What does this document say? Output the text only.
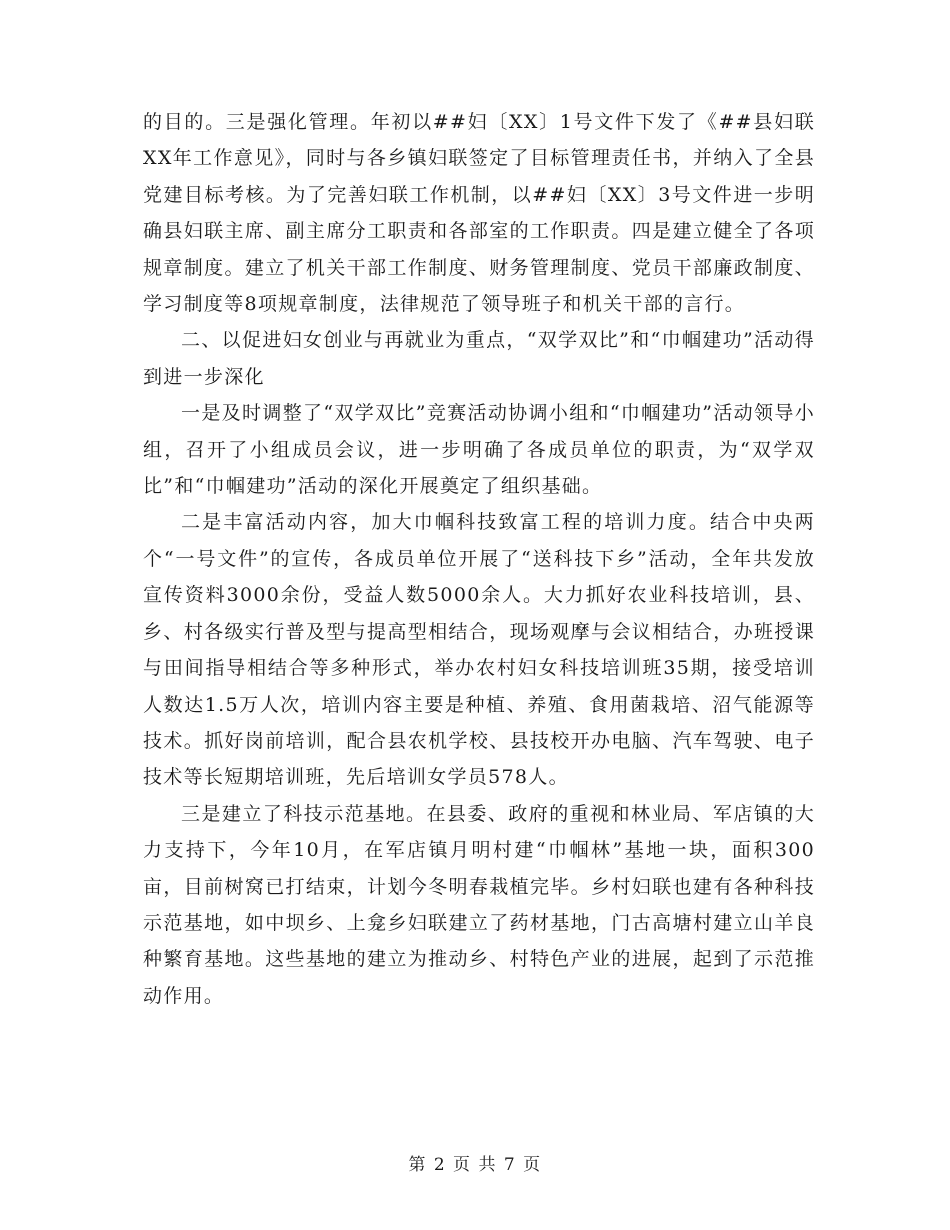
的目的。三是强化管理。年初以##妇〔XX〕1号文件下发了《##县妇联XX年工作意见》，同时与各乡镇妇联签定了目标管理责任书，并纳入了全县党建目标考核。为了完善妇联工作机制，以##妇〔XX〕3号文件进一步明确县妇联主席、副主席分工职责和各部室的工作职责。四是建立健全了各项规章制度。建立了机关干部工作制度、财务管理制度、党员干部廉政制度、学习制度等8项规章制度，法律规范了领导班子和机关干部的言行。

二、以促进妇女创业与再就业为重点，“双学双比”和“巾帼建功”活动得到进一步深化

一是及时调整了“双学双比”竞赛活动协调小组和“巾帼建功”活动领导小组，召开了小组成员会议，进一步明确了各成员单位的职责，为“双学双比”和“巾帼建功”活动的深化开展奠定了组织基础。

二是丰富活动内容，加大巾帼科技致富工程的培训力度。结合中央两个“一号文件”的宣传，各成员单位开展了“送科技下乡”活动，全年共发放宣传资料3000余份，受益人数5000余人。大力抓好农业科技培训，县、乡、村各级实行普及型与提高型相结合，现场观摩与会议相结合，办班授课与田间指导相结合等多种形式，举办农村妇女科技培训班35期，接受培训人数达1.5万人次，培训内容主要是种植、养殖、食用菌栽培、沼气能源等技术。抓好岗前培训，配合县农机学校、县技校开办电脑、汽车驾驶、电子技术等长短期培训班，先后培训女学员578人。

三是建立了科技示范基地。在县委、政府的重视和林业局、军店镇的大力支持下，今年10月，在军店镇月明村建“巾帼林”基地一块，面积300亩，目前树窝已打结束，计划今冬明春栽植完毕。乡村妇联也建有各种科技示范基地，如中坝乡、上龛乡妇联建立了药材基地，门古高塘村建立山羊良种繁育基地。这些基地的建立为推动乡、村特色产业的进展，起到了示范推动作用。

第 2 页 共 7 页
